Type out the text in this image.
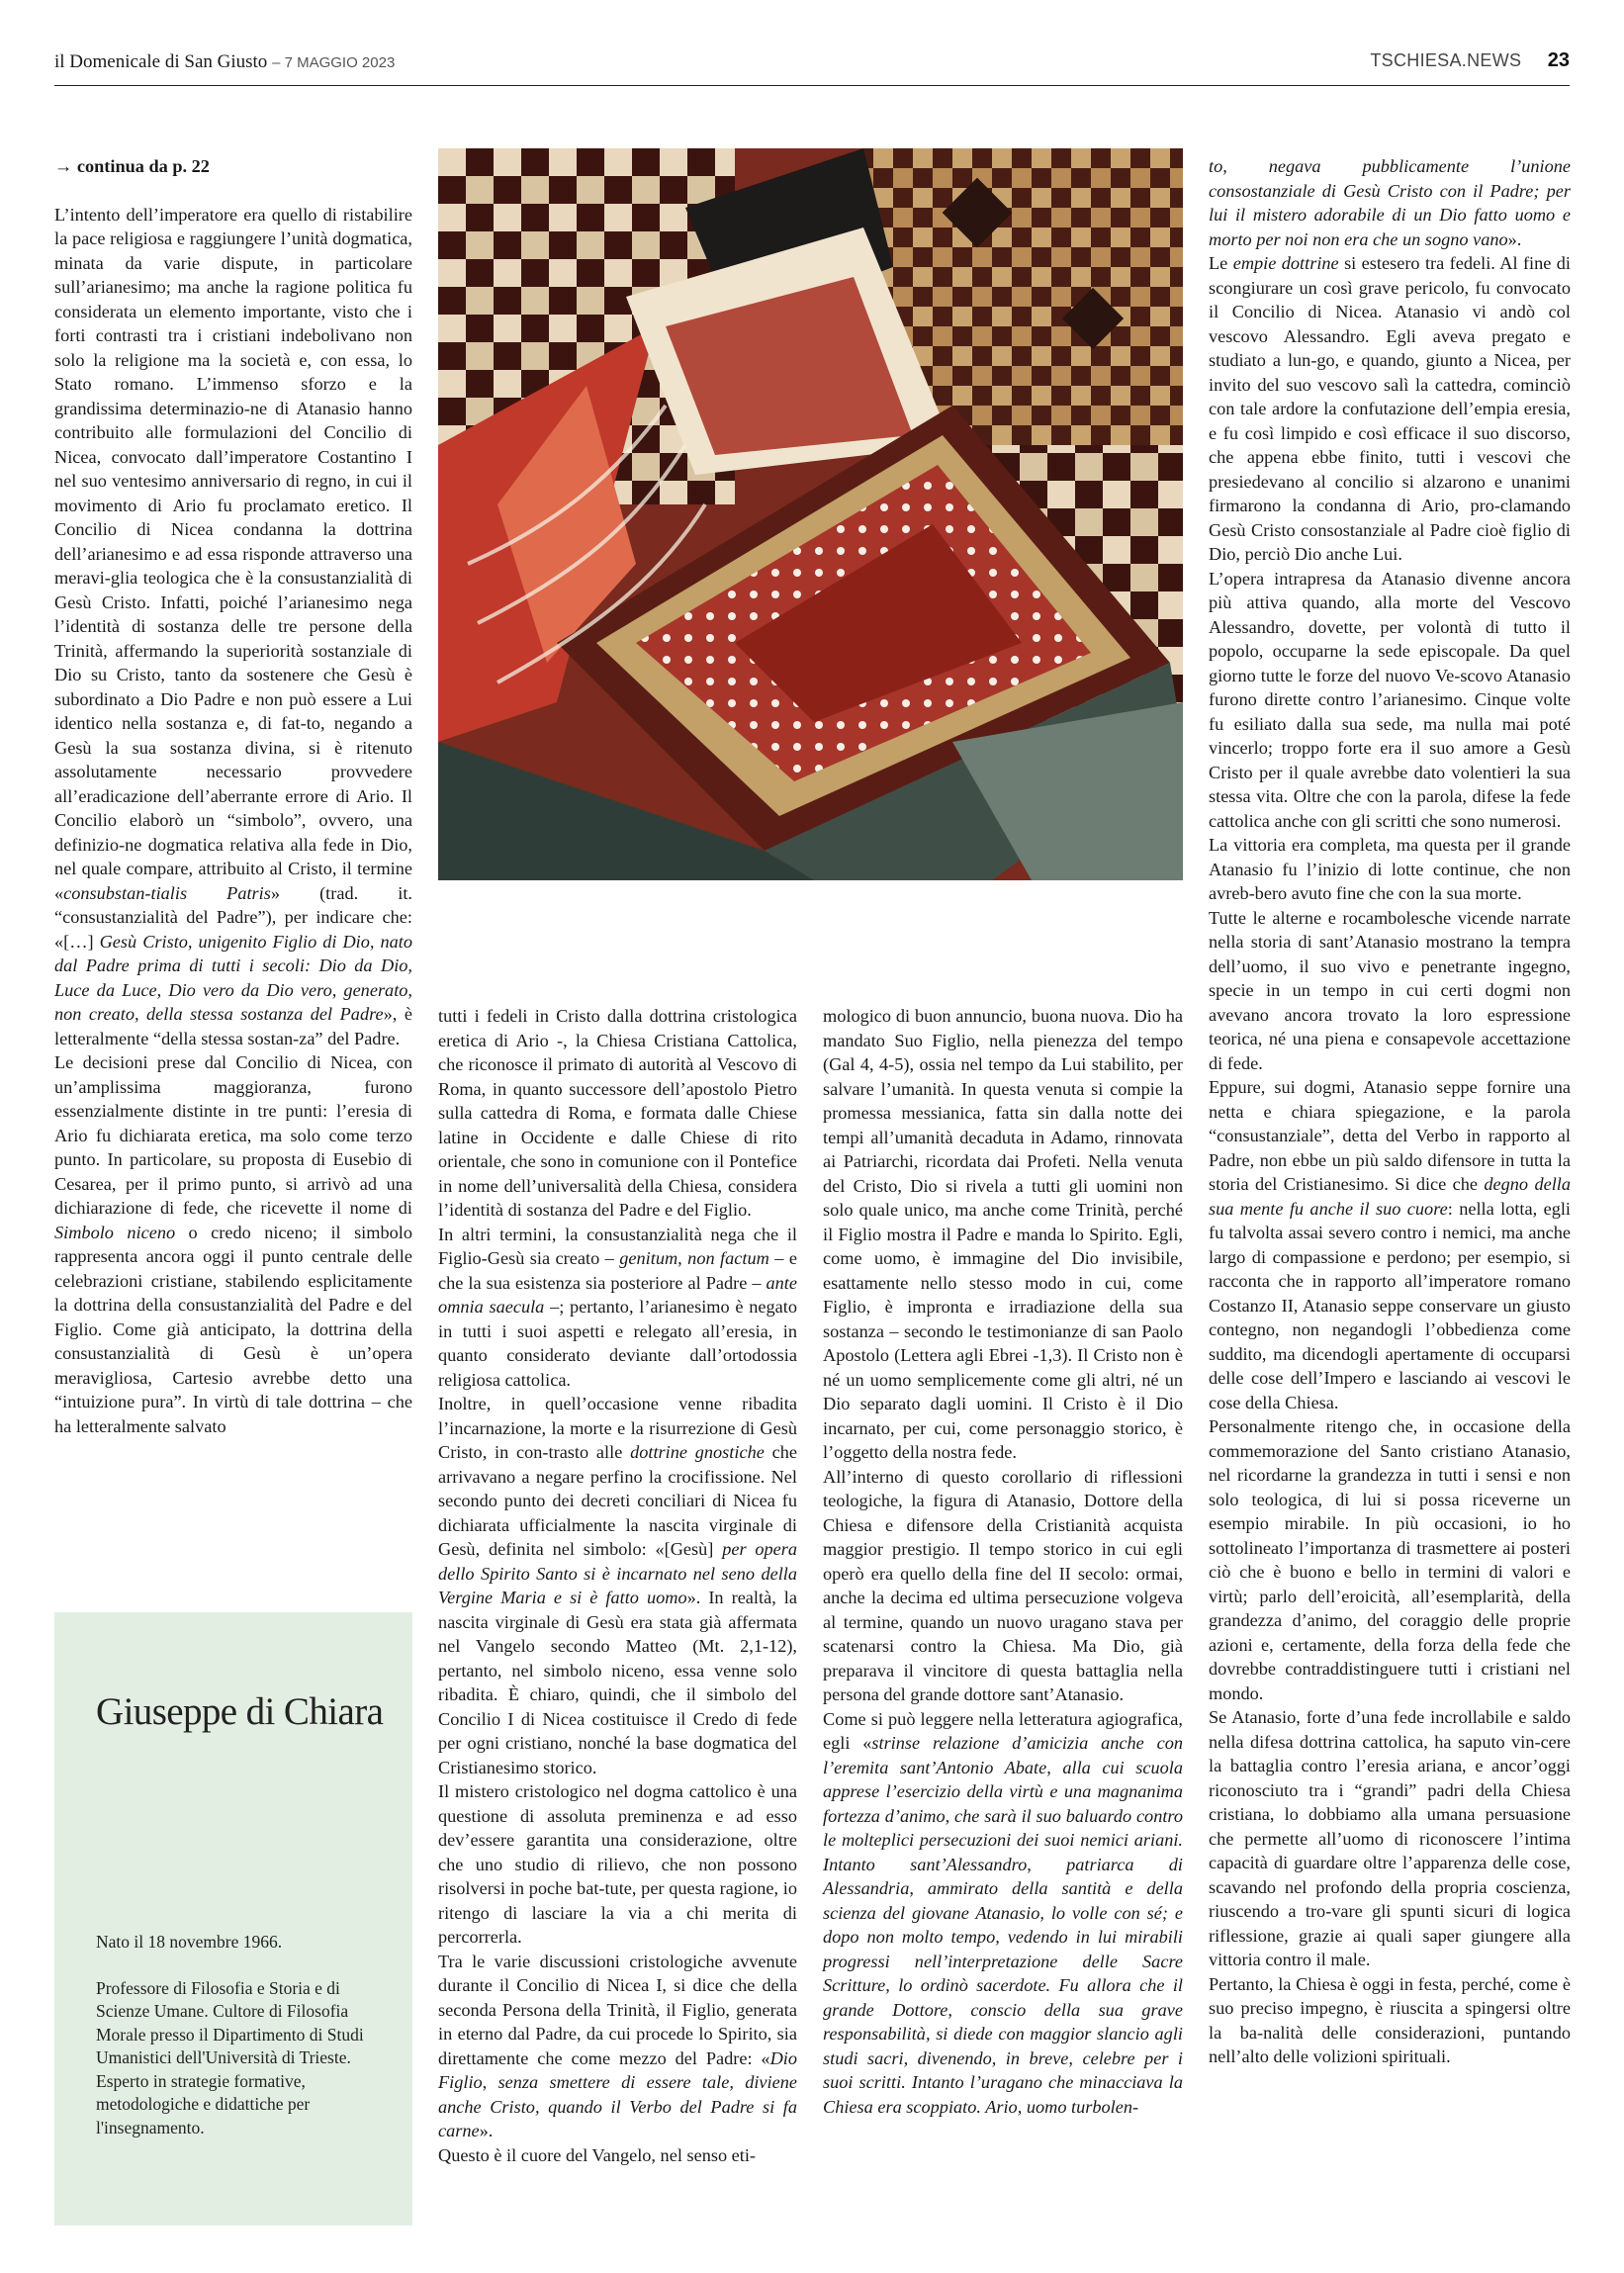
il Domenicale di San Giusto – 7 MAGGIO 2023	TSCHIESA.NEWS 23

→ continua da p. 22

L’intento dell’imperatore era quello di ristabilire la pace religiosa e raggiungere l’unità dogmatica, minata da varie dispute, in particolare sull’arianesimo; ma anche la ragione politica fu considerata un elemento importante, visto che i forti contrasti tra i cristiani indebolivano non solo la religione ma la società e, con essa, lo Stato romano. L’immenso sforzo e la grandissima determinazio-ne di Atanasio hanno contribuito alle formulazioni del Concilio di Nicea, convocato dall’imperatore Costantino I nel suo ventesimo anniversario di regno, in cui il movimento di Ario fu proclamato eretico. Il Concilio di Nicea condanna la dottrina dell’arianesimo e ad essa risponde attraverso una meravi-glia teologica che è la consustanzialità di Gesù Cristo. Infatti, poiché l’arianesimo nega l’identità di sostanza delle tre persone della Trinità, affermando la superiorità sostanziale di Dio su Cristo, tanto da sostenere che Gesù è subordinato a Dio Padre e non può essere a Lui identico nella sostanza e, di fat-to, negando a Gesù la sua sostanza divina, si è ritenuto assolutamente necessario provvedere all’eradicazione dell’aberrante errore di Ario. Il Concilio elaborò un “simbolo”, ovvero, una definizio-ne dogmatica relativa alla fede in Dio, nel quale compare, attribuito al Cristo, il termine «consubstan-tialis Patris» (trad. it. “consustanzialità del Padre”), per indicare che: «[…] Gesù Cristo, unigenito Figlio di Dio, nato dal Padre prima di tutti i secoli: Dio da Dio, Luce da Luce, Dio vero da Dio vero, generato, non creato, della stessa sostanza del Padre», è letteralmente “della stessa sostan-za” del Padre.

Le decisioni prese dal Concilio di Nicea, con un’amplissima maggioranza, furono essenzialmente distinte in tre punti: l’eresia di Ario fu dichiarata eretica, ma solo come terzo punto. In particolare, su proposta di Eusebio di Cesarea, per il primo punto, si arrivò ad una dichiarazione di fede, che ricevette il nome di Simbolo niceno o credo niceno; il simbolo rappresenta ancora oggi il punto centrale delle celebrazioni cristiane, stabilendo esplicitamente la dottrina della consustanzialità del Padre e del Figlio. Come già anticipato, la dottrina della consustanzialità di Gesù è un’opera meravigliosa, Cartesio avrebbe detto una “intuizione pura”. In virtù di tale dottrina – che ha letteralmente salvato

tutti i fedeli in Cristo dalla dottrina cristologica eretica di Ario -, la Chiesa Cristiana Cattolica, che riconosce il primato di autorità al Vescovo di Roma, in quanto successore dell’apostolo Pietro sulla cattedra di Roma, e formata dalle Chiese latine in Occidente e dalle Chiese di rito orientale, che sono in comunione con il Pontefice in nome dell’universalità della Chiesa, considera l’identità di sostanza del Padre e del Figlio.

In altri termini, la consustanzialità nega che il Figlio-Gesù sia creato – genitum, non factum – e che la sua esistenza sia posteriore al Padre – ante omnia saecula –; pertanto, l’arianesimo è negato in tutti i suoi aspetti e relegato all’eresia, in quanto considerato deviante dall’ortodossia religiosa cattolica.

Inoltre, in quell’occasione venne ribadita l’incarnazione, la morte e la risurrezione di Gesù Cristo, in con-trasto alle dottrine gnostiche che arrivavano a negare perfino la crocifissione. Nel secondo punto dei decreti conciliari di Nicea fu dichiarata ufficialmente la nascita virginale di Gesù, definita nel simbolo: «[Gesù] per opera dello Spirito Santo si è incarnato nel seno della Vergine Maria e si è fatto uomo». In realtà, la nascita virginale di Gesù era stata già affermata nel Vangelo secondo Matteo (Mt. 2,1-12), pertanto, nel simbolo niceno, essa venne solo ribadita. È chiaro, quindi, che il simbolo del Concilio I di Nicea costituisce il Credo di fede per ogni cristiano, nonché la base dogmatica del Cristianesimo storico.

Il mistero cristologico nel dogma cattolico è una questione di assoluta preminenza e ad esso dev’essere garantita una considerazione, oltre che uno studio di rilievo, che non possono risolversi in poche bat-tute, per questa ragione, io ritengo di lasciare la via a chi merita di percorrerla.

Tra le varie discussioni cristologiche avvenute durante il Concilio di Nicea I, si dice che della seconda Persona della Trinità, il Figlio, generata in eterno dal Padre, da cui procede lo Spirito, sia direttamente che come mezzo del Padre: «Dio Figlio, senza smettere di essere tale, diviene anche Cristo, quando il Verbo del Padre si fa carne».

Questo è il cuore del Vangelo, nel senso eti-

mologico di buon annuncio, buona nuova. Dio ha mandato Suo Figlio, nella pienezza del tempo (Gal 4, 4-5), ossia nel tempo da Lui stabilito, per salvare l’umanità. In questa venuta si compie la promessa messianica, fatta sin dalla notte dei tempi all’umanità decaduta in Adamo, rinnovata ai Patriarchi, ricordata dai Profeti. Nella venuta del Cristo, Dio si rivela a tutti gli uomini non solo quale unico, ma anche come Trinità, perché il Figlio mostra il Padre e manda lo Spirito. Egli, come uomo, è immagine del Dio invisibile, esattamente nello stesso modo in cui, come Figlio, è impronta e irradiazione della sua sostanza – secondo le testimonianze di san Paolo Apostolo (Lettera agli Ebrei -1,3). Il Cristo non è né un uomo semplicemente come gli altri, né un Dio separato dagli uomini. Il Cristo è il Dio incarnato, per cui, come personaggio storico, è l’oggetto della nostra fede.

All’interno di questo corollario di riflessioni teologiche, la figura di Atanasio, Dottore della Chiesa e difensore della Cristianità acquista maggior prestigio. Il tempo storico in cui egli operò era quello della fine del II secolo: ormai, anche la decima ed ultima persecuzione volgeva al termine, quando un nuovo uragano stava per scatenarsi contro la Chiesa. Ma Dio, già preparava il vincitore di questa battaglia nella persona del grande dottore sant’Atanasio.

Come si può leggere nella letteratura agiografica, egli «strinse relazione d’amicizia anche con l’eremita sant’Antonio Abate, alla cui scuola apprese l’esercizio della virtù e una magnanima fortezza d’animo, che sarà il suo baluardo contro le molteplici persecuzioni dei suoi nemici ariani. Intanto sant’Alessandro, patriarca di Alessandria, ammirato della santità e della scienza del giovane Atanasio, lo volle con sé; e dopo non molto tempo, vedendo in lui mirabili progressi nell’interpretazione delle Sacre Scritture, lo ordinò sacerdote. Fu allora che il grande Dottore, conscio della sua grave responsabilità, si diede con maggior slancio agli studi sacri, divenendo, in breve, celebre per i suoi scritti. Intanto l’uragano che minacciava la Chiesa era scoppiato. Ario, uomo turbolen-

to, negava pubblicamente l’unione consostanziale di Gesù Cristo con il Padre; per lui il mistero adorabile di un Dio fatto uomo e morto per noi non era che un sogno vano».

Le empie dottrine si estesero tra fedeli. Al fine di scongiurare un così grave pericolo, fu convocato il Concilio di Nicea. Atanasio vi andò col vescovo Alessandro. Egli aveva pregato e studiato a lun-go, e quando, giunto a Nicea, per invito del suo vescovo salì la cattedra, cominciò con tale ardore la confutazione dell’empia eresia, e fu così limpido e così efficace il suo discorso, che appena ebbe finito, tutti i vescovi che presiedevano al concilio si alzarono e unanimi firmarono la condanna di Ario, pro-clamando Gesù Cristo consostanziale al Padre cioè figlio di Dio, perciò Dio anche Lui.

L’opera intrapresa da Atanasio divenne ancora più attiva quando, alla morte del Vescovo Alessandro, dovette, per volontà di tutto il popolo, occuparne la sede episcopale. Da quel giorno tutte le forze del nuovo Ve-scovo Atanasio furono dirette contro l’arianesimo. Cinque volte fu esiliato dalla sua sede, ma nulla mai poté vincerlo; troppo forte era il suo amore a Gesù Cristo per il quale avrebbe dato volentieri la sua stessa vita. Oltre che con la parola, difese la fede cattolica anche con gli scritti che sono numerosi.

La vittoria era completa, ma questa per il grande Atanasio fu l’inizio di lotte continue, che non avreb-bero avuto fine che con la sua morte.

Tutte le alterne e rocambolesche vicende narrate nella storia di sant’Atanasio mostrano la tempra dell’uomo, il suo vivo e penetrante ingegno, specie in un tempo in cui certi dogmi non avevano ancora trovato la loro espressione teorica, né una piena e consapevole accettazione di fede.

Eppure, sui dogmi, Atanasio seppe fornire una netta e chiara spiegazione, e la parola “consustanziale”, detta del Verbo in rapporto al Padre, non ebbe un più saldo difensore in tutta la storia del Cristianesimo. Si dice che degno della sua mente fu anche il suo cuore: nella lotta, egli fu talvolta assai severo contro i nemici, ma anche largo di compassione e perdono; per esempio, si racconta che in rapporto all’imperatore romano Costanzo II, Atanasio seppe conservare un giusto contegno, non negandogli l’obbedienza come suddito, ma dicendogli apertamente di occuparsi delle cose dell’Impero e lasciando ai vescovi le cose della Chiesa.

Personalmente ritengo che, in occasione della commemorazione del Santo cristiano Atanasio, nel ricordarne la grandezza in tutti i sensi e non solo teologica, di lui si possa riceverne un esempio mirabile. In più occasioni, io ho sottolineato l’importanza di trasmettere ai posteri ciò che è buono e bello in termini di valori e virtù; parlo dell’eroicità, all’esemplarità, della grandezza d’animo, del coraggio delle proprie azioni e, certamente, della forza della fede che dovrebbe contraddistinguere tutti i cristiani nel mondo.

Se Atanasio, forte d’una fede incrollabile e saldo nella difesa dottrina cattolica, ha saputo vin-cere la battaglia contro l’eresia ariana, e ancor’oggi riconosciuto tra i “grandi” padri della Chiesa cristiana, lo dobbiamo alla umana persuasione che permette all’uomo di riconoscere l’intima capacità di guardare oltre l’apparenza delle cose, scavando nel profondo della propria coscienza, riuscendo a tro-vare gli spunti sicuri di logica riflessione, grazie ai quali saper giungere alla vittoria contro il male.

Pertanto, la Chiesa è oggi in festa, perché, come è suo preciso impegno, è riuscita a spingersi oltre la ba-nalità delle considerazioni, puntando nell’alto delle volizioni spirituali.

Giuseppe di Chiara

Nato il 18 novembre 1966.

Professore di Filosofia e Storia e di Scienze Umane. Cultore di Filosofia Morale presso il Dipartimento di Studi Umanistici dell'Università di Trieste. Esperto in strategie formative, metodologiche e didattiche per l'insegnamento.
